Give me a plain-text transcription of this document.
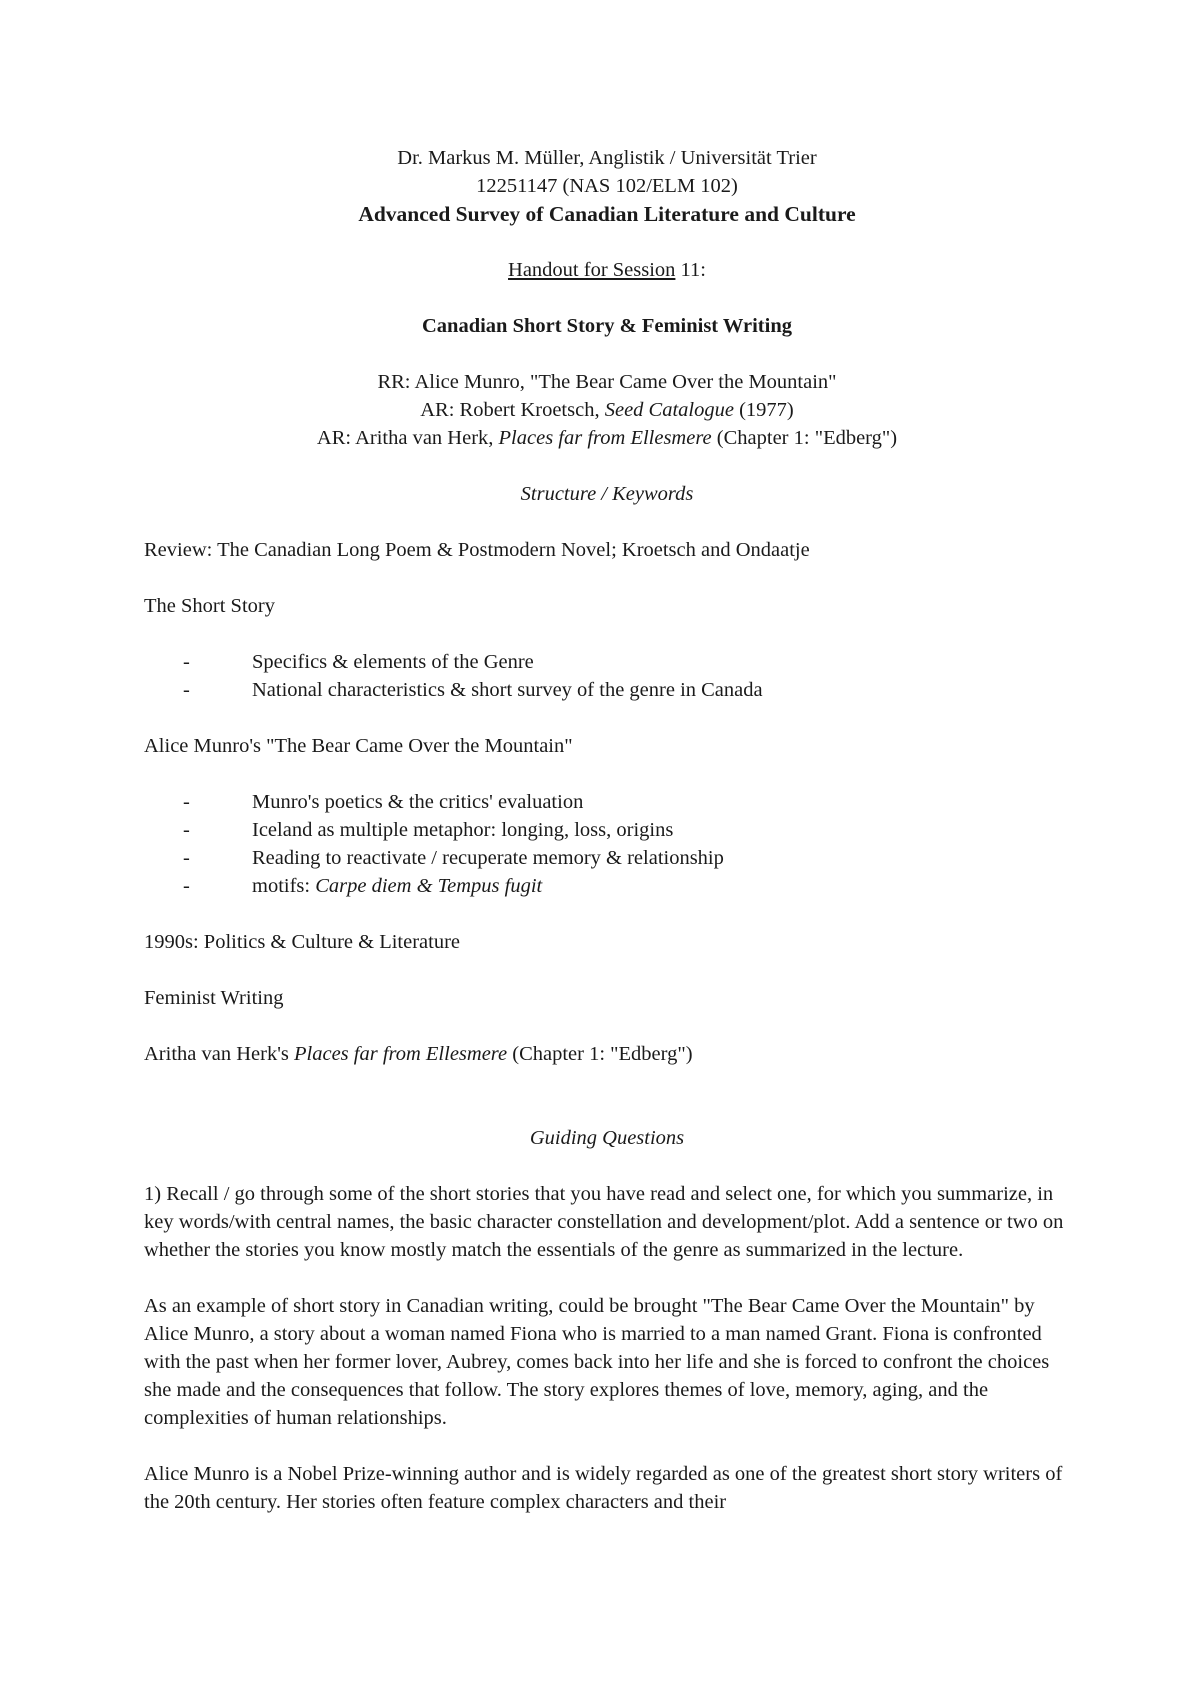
Dr. Markus M. Müller, Anglistik / Universität Trier

12251147 (NAS 102/ELM 102)

Advanced Survey of Canadian Literature and Culture

Handout for Session 11:

Canadian Short Story & Feminist Writing

RR: Alice Munro, "The Bear Came Over the Mountain"

AR: Robert Kroetsch, Seed Catalogue (1977)

AR: Aritha van Herk, Places far from Ellesmere (Chapter 1: "Edberg")

Structure / Keywords

Review: The Canadian Long Poem & Postmodern Novel; Kroetsch and Ondaatje

The Short Story

-	Specifics & elements of the Genre
-	National characteristics & short survey of the genre in Canada

Alice Munro's "The Bear Came Over the Mountain"

-	Munro's poetics & the critics' evaluation
-	Iceland as multiple metaphor: longing, loss, origins
-	Reading to reactivate / recuperate memory & relationship
-	motifs: Carpe diem & Tempus fugit

1990s: Politics & Culture & Literature

Feminist Writing

Aritha van Herk's Places far from Ellesmere (Chapter 1: "Edberg")

Guiding Questions

1) Recall / go through some of the short stories that you have read and select one, for which you summarize, in key words/with central names, the basic character constellation and development/plot. Add a sentence or two on whether the stories you know mostly match the essentials of the genre as summarized in the lecture.

As an example of short story in Canadian writing, could be brought "The Bear Came Over the Mountain" by Alice Munro, a story about a woman named Fiona who is married to a man named Grant. Fiona is confronted with the past when her former lover, Aubrey, comes back into her life and she is forced to confront the choices she made and the consequences that follow. The story explores themes of love, memory, aging, and the complexities of human relationships.

Alice Munro is a Nobel Prize-winning author and is widely regarded as one of the greatest short story writers of the 20th century. Her stories often feature complex characters and their
